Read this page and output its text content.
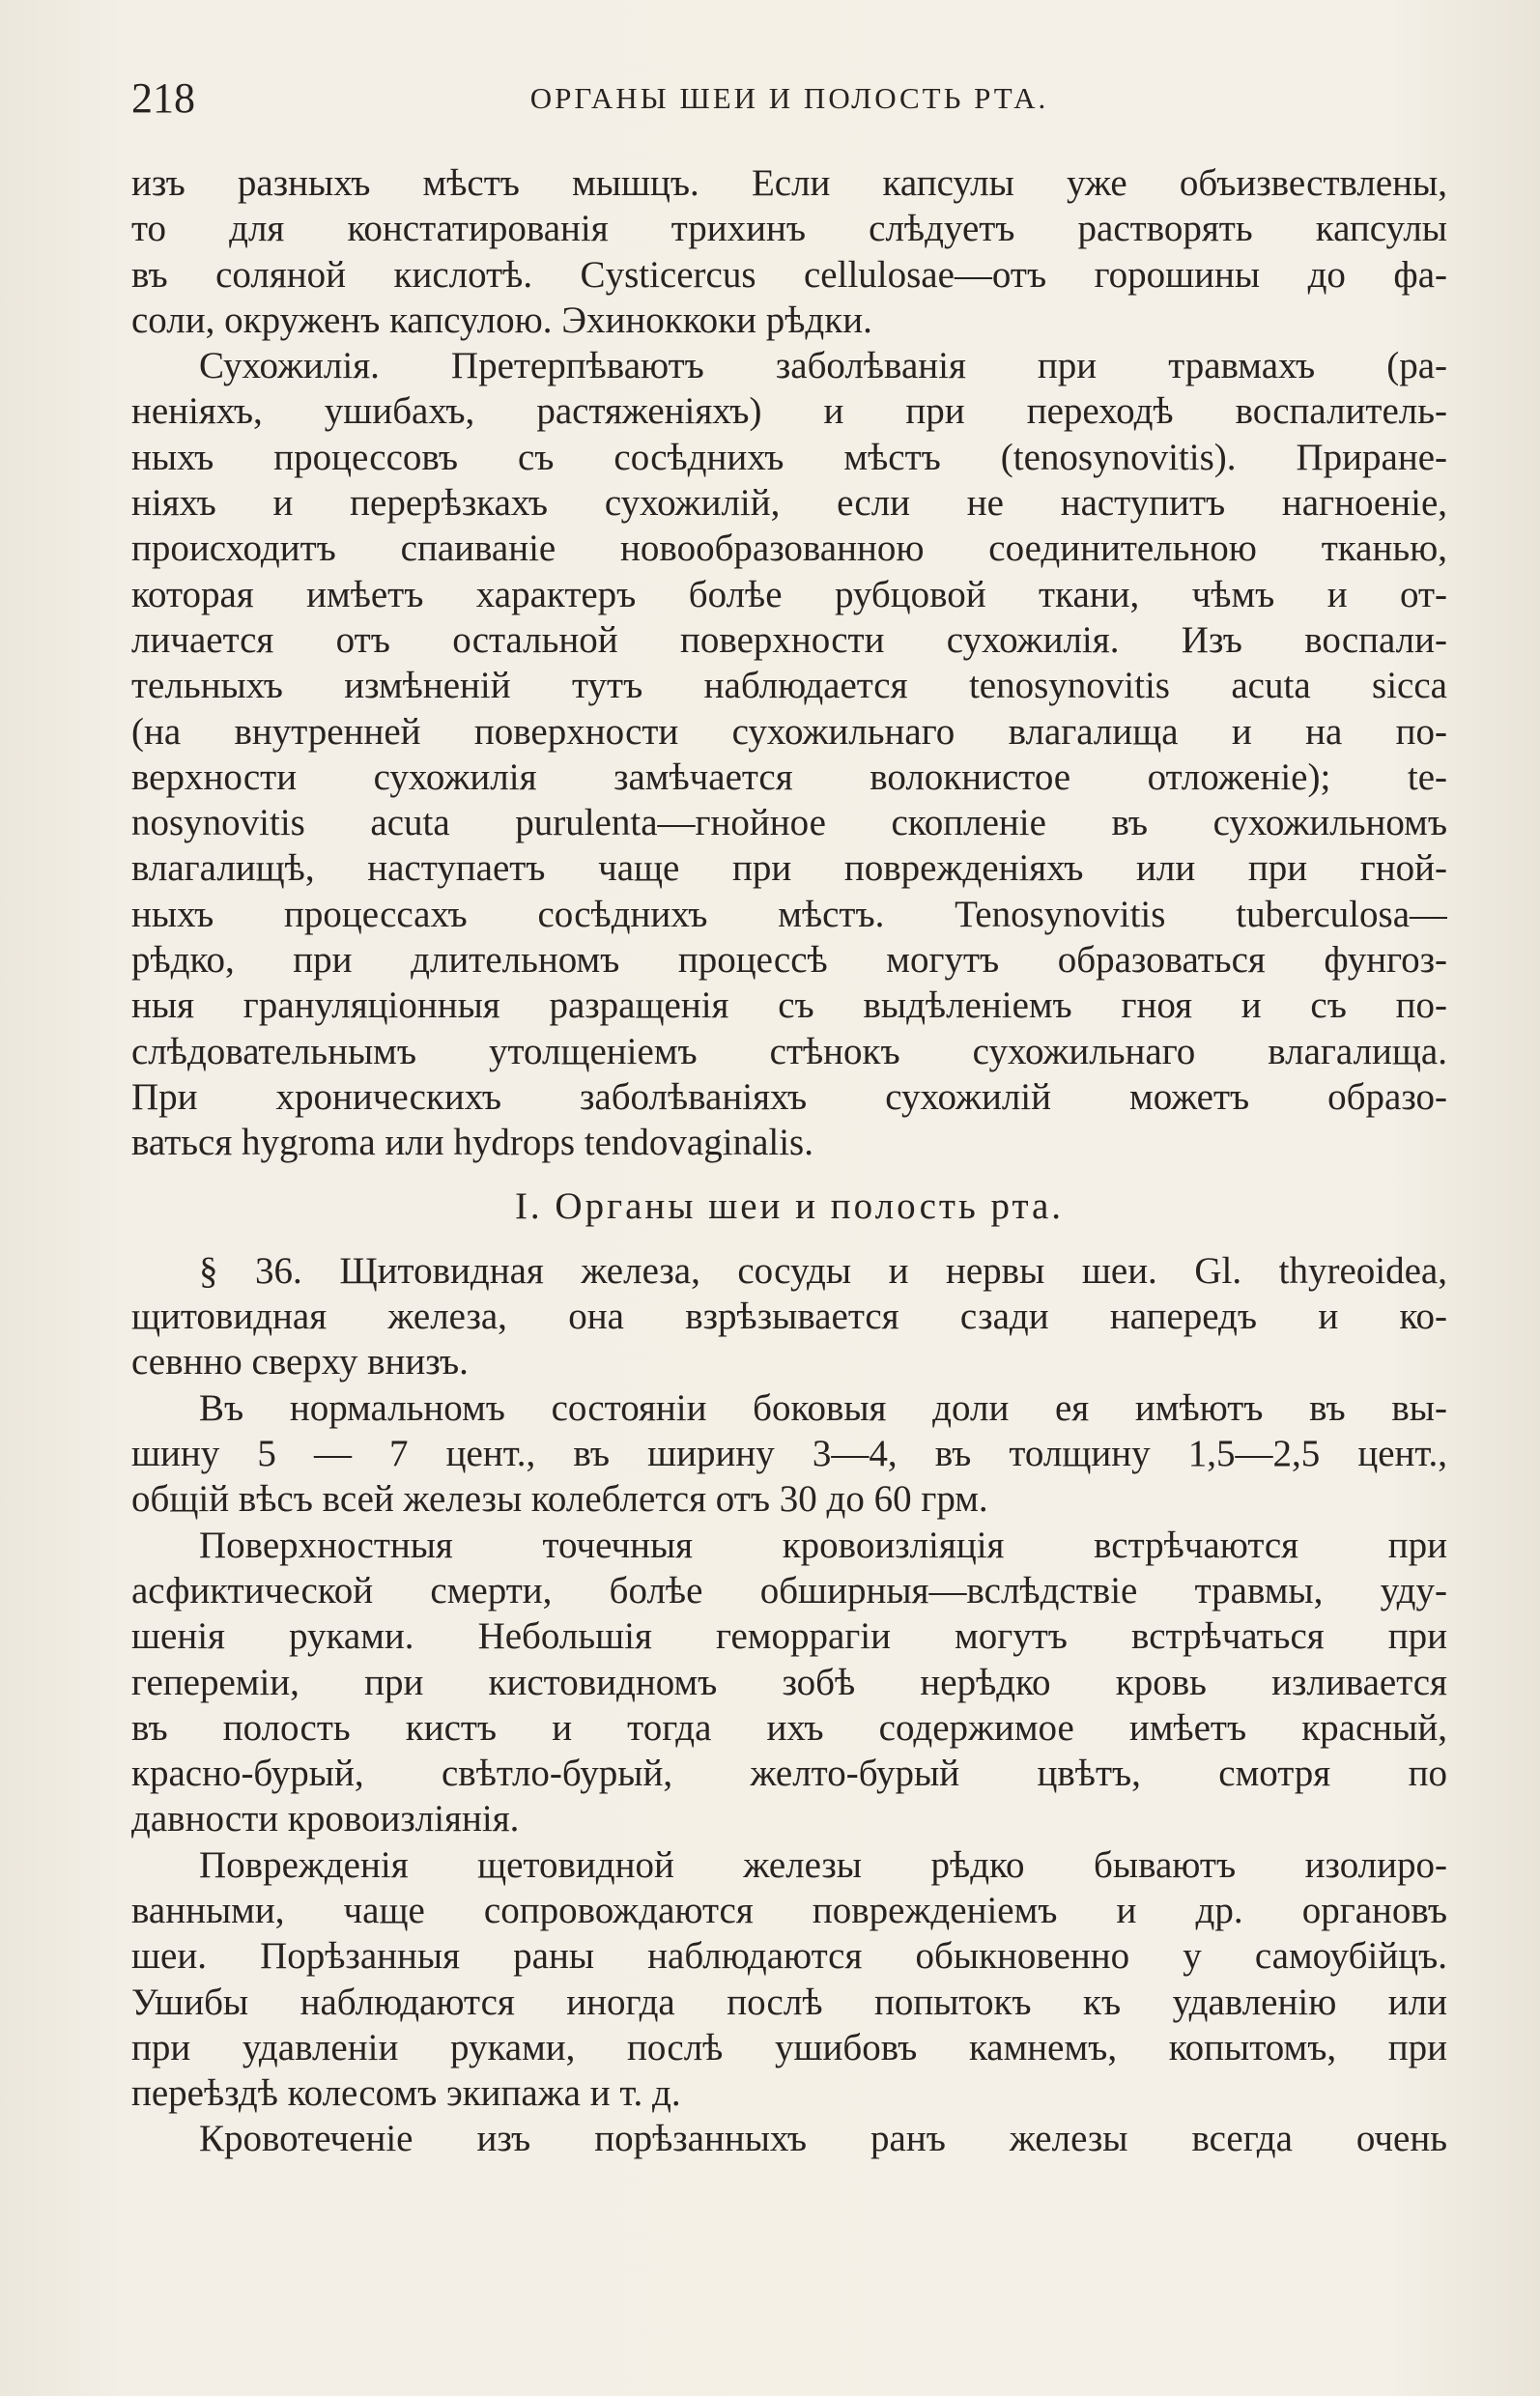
218	ОРГАНЫ ШЕИ И ПОЛОСТЬ РТА.
изъ разныхъ мѣстъ мышцъ. Если капсулы уже объизвествлены,
то для констатированія трихинъ слѣдуетъ растворять капсулы
въ соляной кислотѣ. Cysticercus cellulosae—отъ горошины до фа-
соли, окруженъ капсулою. Эхиноккоки рѣдки.
Сухожилія. Претерпѣваютъ заболѣванія при травмахъ (ра-
неніяхъ, ушибахъ, растяженіяхъ) и при переходѣ воспалитель-
ныхъ процессовъ съ сосѣднихъ мѣстъ (tenosynovitis). Приране-
ніяхъ и перерѣзкахъ сухожилій, если не наступитъ нагноеніе,
происходитъ спаиваніе новообразованною соединительною тканью,
которая имѣетъ характеръ болѣе рубцовой ткани, чѣмъ и от-
личается отъ остальной поверхности сухожилія. Изъ воспали-
тельныхъ измѣненій тутъ наблюдается tenosynovitis acuta sicca
(на внутренней поверхности сухожильнаго влагалища и на по-
верхности сухожилія замѣчается волокнистое отложеніе); te-
nosynovitis acuta purulenta—гнойное скопленіе въ сухожильномъ
влагалищѣ, наступаетъ чаще при поврежденіяхъ или при гной-
ныхъ процессахъ сосѣднихъ мѣстъ. Tenosynovitis tuberculosa—
рѣдко, при длительномъ процессѣ могутъ образоваться фунгоз-
ныя грануляціонныя разращенія съ выдѣленіемъ гноя и съ по-
слѣдовательнымъ утолщеніемъ стѣнокъ сухожильнаго влагалища.
При хроническихъ заболѣваніяхъ сухожилій можетъ образо-
ваться hygroma или hydrops tendovaginalis.
I. Органы шеи и полость рта.
§ 36. Щитовидная железа, сосуды и нервы шеи. Gl. thyreoidea,
щитовидная железа, она взрѣзывается сзади напередъ и ко-
севнно сверху внизъ.
Въ нормальномъ состояніи боковыя доли ея имѣютъ въ вы-
шину 5 — 7 цент., въ ширину 3—4, въ толщину 1,5—2,5 цент.,
общій вѣсъ всей железы колеблется отъ 30 до 60 грм.
Поверхностныя точечныя кровоизліяція встрѣчаются при
асфиктической смерти, болѣе обширныя—вслѣдствіе травмы, уду-
шенія руками. Небольшія геморрагіи могутъ встрѣчаться при
гепереміи, при кистовидномъ зобѣ нерѣдко кровь изливается
въ полость кистъ и тогда ихъ содержимое имѣетъ красный,
красно-бурый, свѣтло-бурый, желто-бурый цвѣтъ, смотря по
давности кровоизліянія.
Поврежденія щетовидной железы рѣдко бываютъ изолиро-
ванными, чаще сопровождаются поврежденіемъ и др. органовъ
шеи. Порѣзанныя раны наблюдаются обыкновенно у самоубійцъ.
Ушибы наблюдаются иногда послѣ попытокъ къ удавленію или
при удавленіи руками, послѣ ушибовъ камнемъ, копытомъ, при
переѣздѣ колесомъ экипажа и т. д.
Кровотеченіе изъ порѣзанныхъ ранъ железы всегда очень
